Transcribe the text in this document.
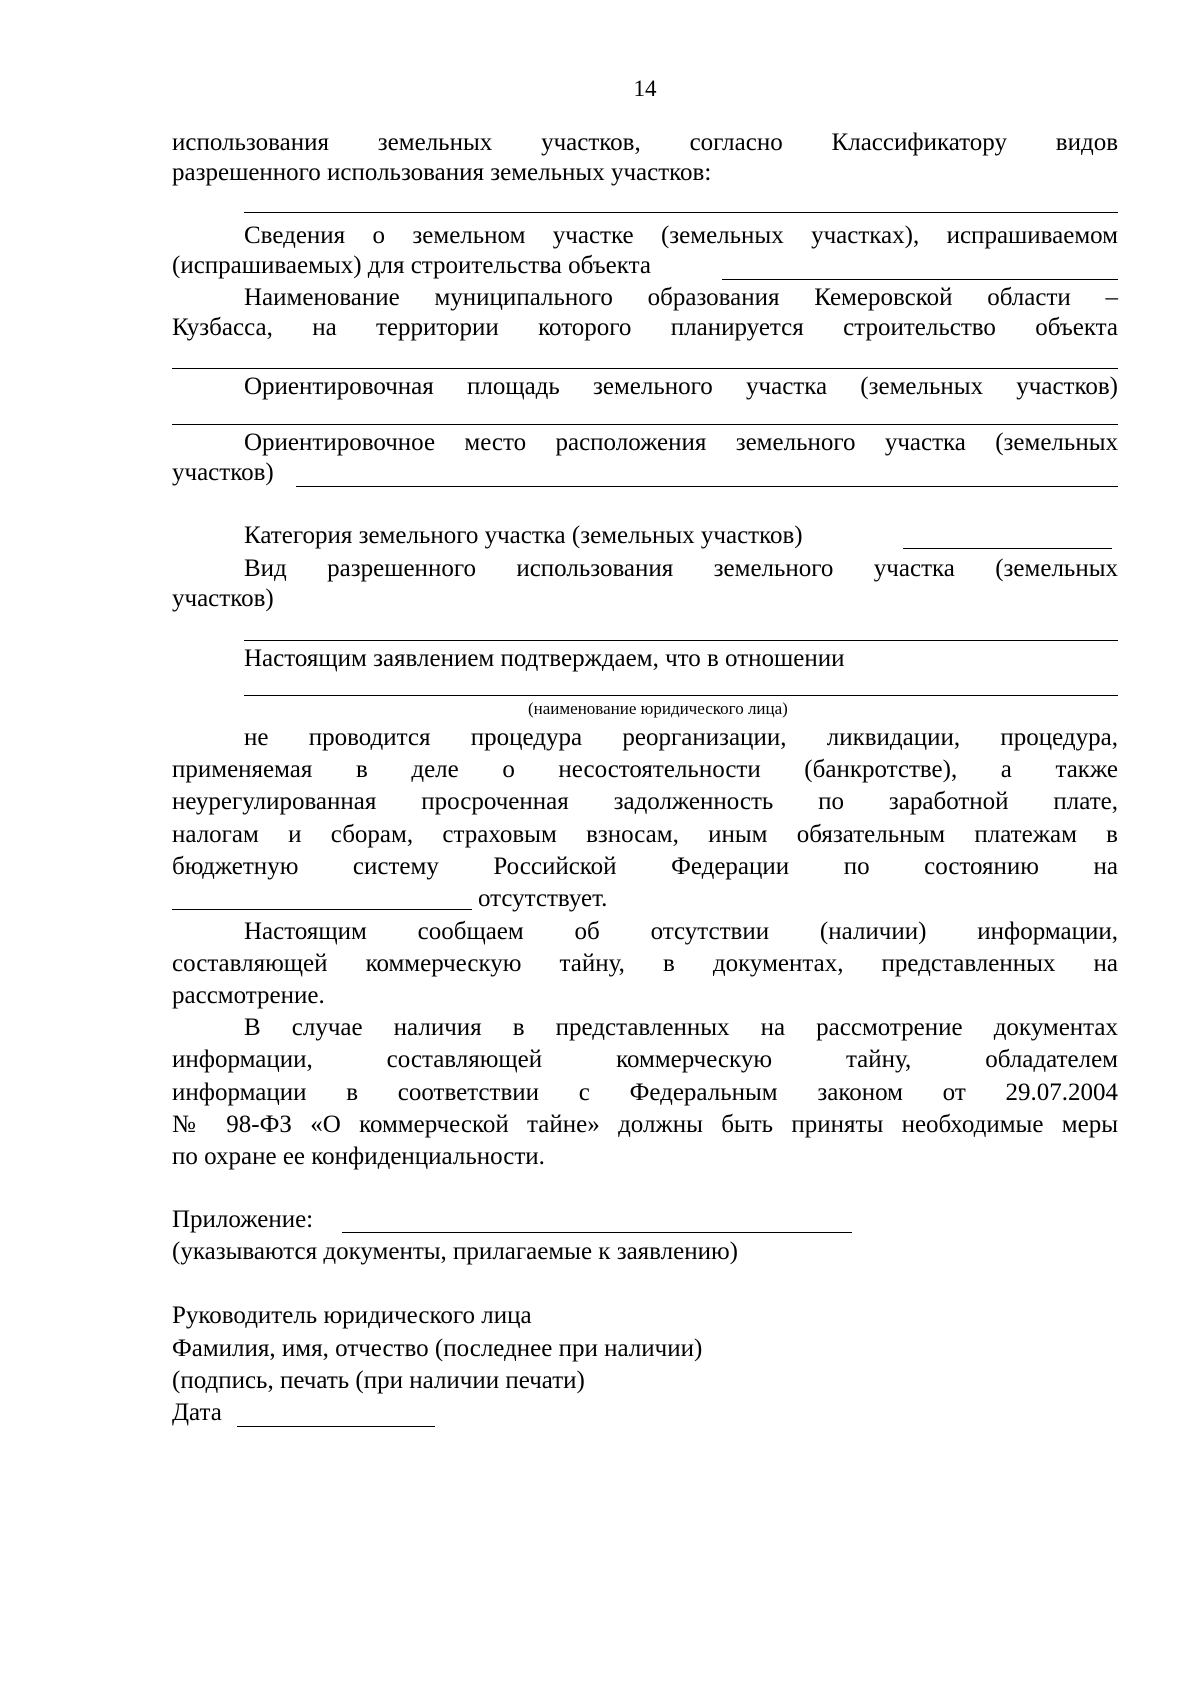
14
использования земельных участков, согласно Классификатору видов
разрешенного использования земельных участков:
Сведения о земельном участке (земельных участках), испрашиваемом
(испрашиваемых) для строительства объекта
Наименование муниципального образования Кемеровской области –
Кузбасса, на территории которого планируется строительство объекта
Ориентировочная площадь земельного участка (земельных участков)
Ориентировочное место расположения земельного участка (земельных
участков)
Категория земельного участка (земельных участков)
Вид разрешенного использования земельного участка (земельных
участков)
Настоящим заявлением подтверждаем, что в отношении
(наименование юридического лица)
не проводится процедура реорганизации, ликвидации, процедура,
применяемая в деле о несостоятельности (банкротстве), а также
неурегулированная просроченная задолженность по заработной плате,
налогам и сборам, страховым взносам, иным обязательным платежам в
бюджетную систему Российской Федерации по состоянию на
отсутствует.
Настоящим сообщаем об отсутствии (наличии) информации,
составляющей коммерческую тайну, в документах, представленных на
рассмотрение.
В случае наличия в представленных на рассмотрение документах
информации, составляющей коммерческую тайну, обладателем
информации в соответствии с Федеральным законом от 29.07.2004
№ 98-ФЗ «О коммерческой тайне» должны быть приняты необходимые меры
по охране ее конфиденциальности.
Приложение:
(указываются документы, прилагаемые к заявлению)
Руководитель юридического лица
Фамилия, имя, отчество (последнее при наличии)
(подпись, печать (при наличии печати)
Дата
